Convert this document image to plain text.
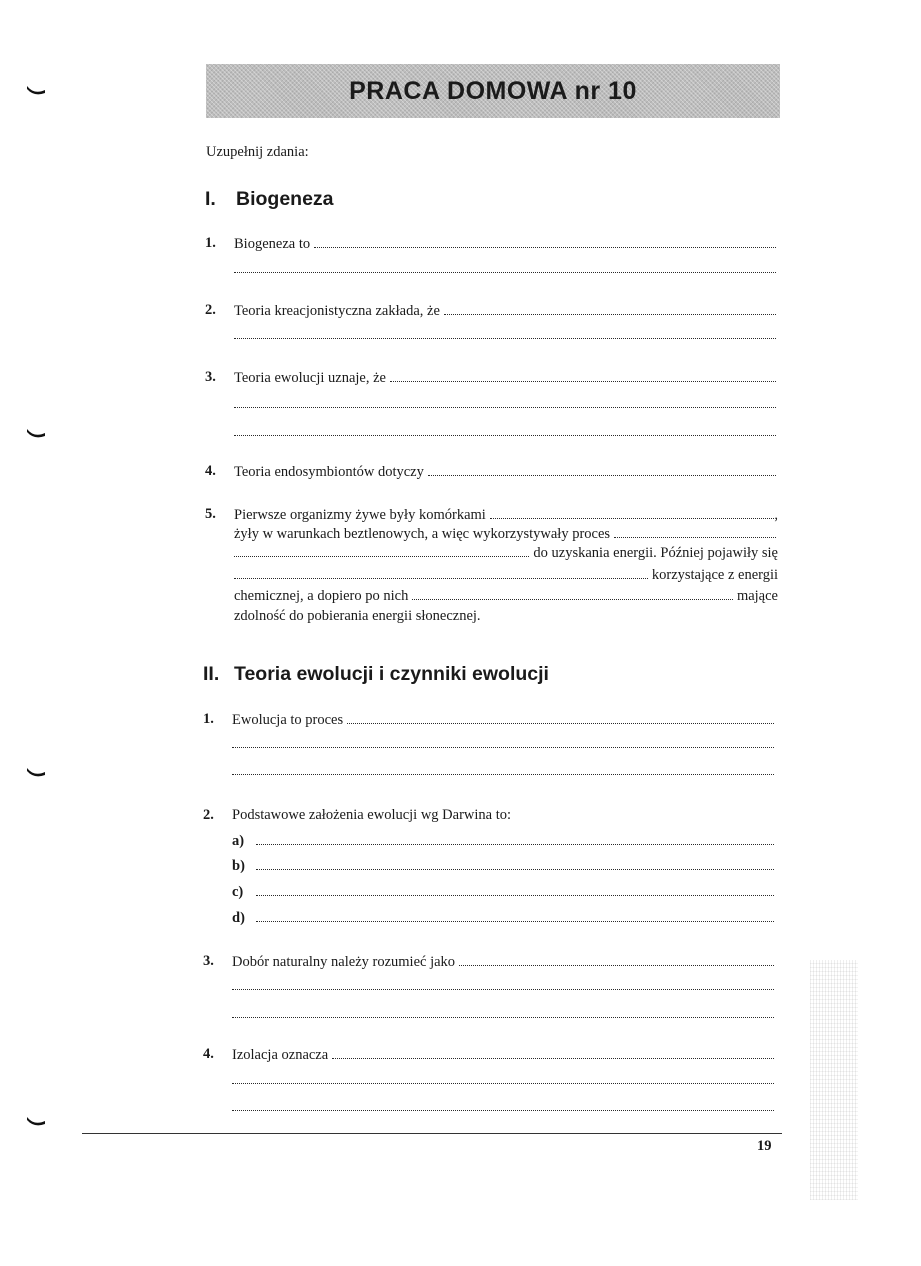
PRACA DOMOWA nr 10
Uzupełnij zdania:
I. Biogeneza
1. Biogeneza to
2. Teoria kreacjonistyczna zakłada, że
3. Teoria ewolucji uznaje, że
4. Teoria endosymbiontów dotyczy
5. Pierwsze organizmy żywe były komórkami	,
żyły w warunkach beztlenowych, a więc wykorzystywały proces
do uzyskania energii. Później pojawiły się
korzystające z energii
chemicznej, a dopiero po nich	mające
zdolność do pobierania energii słonecznej.
II. Teoria ewolucji i czynniki ewolucji
1. Ewolucja to proces
2. Podstawowe założenia ewolucji wg Darwina to:
a)
b)
c)
d)
3. Dobór naturalny należy rozumieć jako
4. Izolacja oznacza
19
